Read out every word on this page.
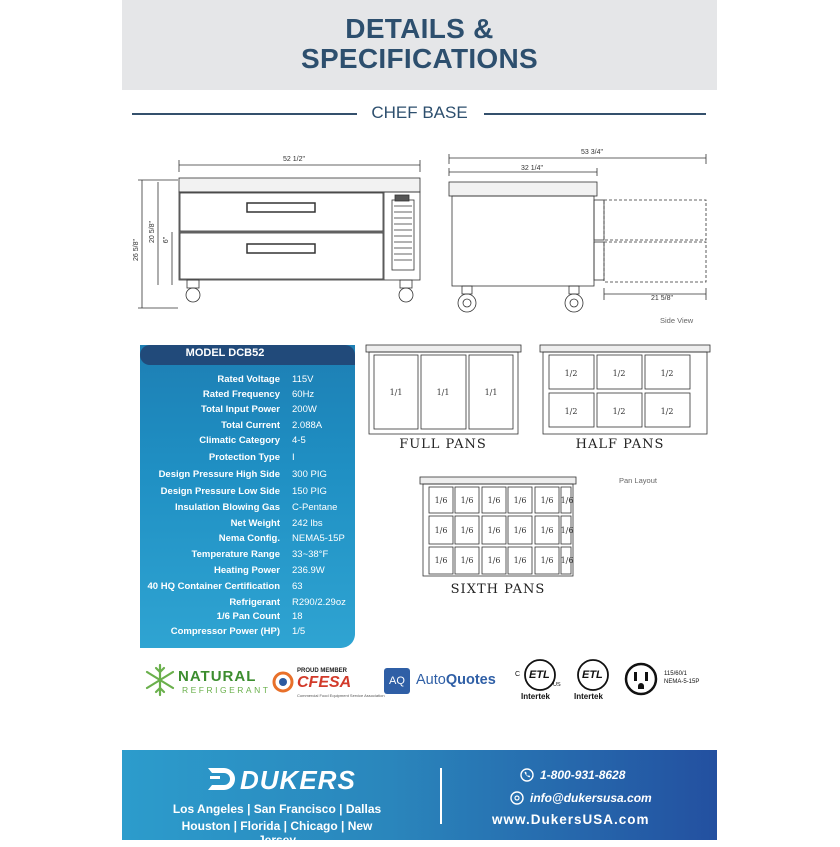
DETAILS &
SPECIFICATIONS
CHEF BASE
52 1/2"
26 5/8"
20 5/8" 6"
53 3/4"
32 1/4"
21 5/8"
Side View
MODEL DCB52
Rated Voltage 115V
Rated Frequency 60Hz
Total Input Power 200W
Total Current 2.088A
Climatic Category 4-5
Protection Type I
Design Pressure High Side 300 PIG
Design Pressure Low Side 150 PIG
Insulation Blowing Gas C-Pentane
Net Weight 242 lbs
Nema Config. NEMA5-15P
Temperature Range 33~38°F
Heating Power 236.9W
40 HQ Container Certification 63
Refrigerant R290/2.29oz
1/6 Pan Count 18
Compressor Power (HP) 1/5
1/1	1/1	1/1
1/2	1/2	1/2
1/2	1/2	1/2
1/6 1/6 1/6 1/6 1/6 1/6
1/6 1/6 1/6 1/6 1/6 1/6
1/6 1/6 1/6 1/6 1/6 1/6
FULL PANS	HALF PANS
SIXTH PANS
Pan Layout
NATURAL
REFRIGERANT
PROUD MEMBER
CFESA
Commercial Food Equipment Service Association
AQ AutoQuotes	ETL
C
US
Intertek
ETL
Intertek
115/60/1
NEMA-5-15P
DUKERS
Los Angeles | San Francisco | Dallas
Houston | Florida | Chicago | New Jersey
1-800-931-8628
info@dukersusa.com
www.DukersUSA.com
